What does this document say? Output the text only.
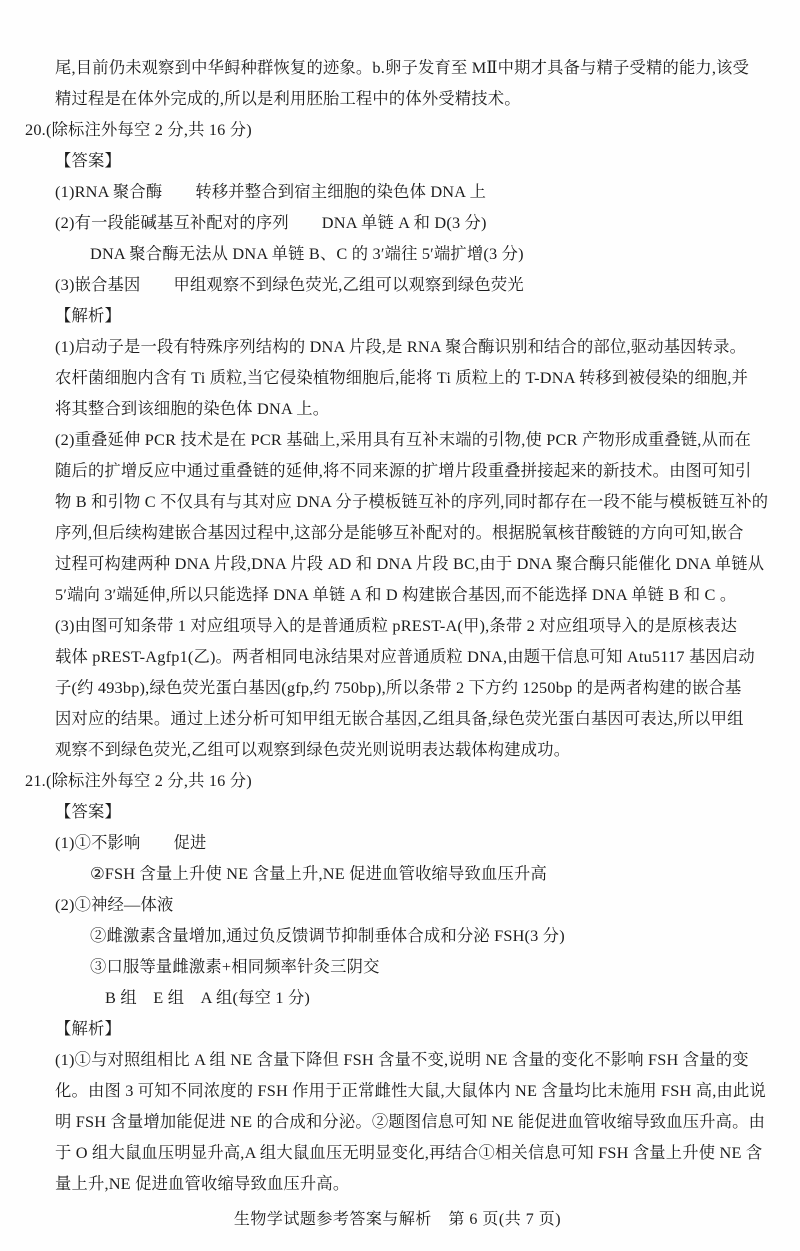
尾,目前仍未观察到中华鲟种群恢复的迹象。b.卵子发育至 MⅡ中期才具备与精子受精的能力,该受
精过程是在体外完成的,所以是利用胚胎工程中的体外受精技术。
20.(除标注外每空 2 分,共 16 分)
【答案】
(1)RNA 聚合酶　　转移并整合到宿主细胞的染色体 DNA 上
(2)有一段能碱基互补配对的序列　　DNA 单链 A 和 D(3 分)
DNA 聚合酶无法从 DNA 单链 B、C 的 3′端往 5′端扩增(3 分)
(3)嵌合基因　　甲组观察不到绿色荧光,乙组可以观察到绿色荧光
【解析】
(1)启动子是一段有特殊序列结构的 DNA 片段,是 RNA 聚合酶识别和结合的部位,驱动基因转录。
农杆菌细胞内含有 Ti 质粒,当它侵染植物细胞后,能将 Ti 质粒上的 T-DNA 转移到被侵染的细胞,并
将其整合到该细胞的染色体 DNA 上。
(2)重叠延伸 PCR 技术是在 PCR 基础上,采用具有互补末端的引物,使 PCR 产物形成重叠链,从而在
随后的扩增反应中通过重叠链的延伸,将不同来源的扩增片段重叠拼接起来的新技术。由图可知引
物 B 和引物 C 不仅具有与其对应 DNA 分子模板链互补的序列,同时都存在一段不能与模板链互补的
序列,但后续构建嵌合基因过程中,这部分是能够互补配对的。根据脱氧核苷酸链的方向可知,嵌合
过程可构建两种 DNA 片段,DNA 片段 AD 和 DNA 片段 BC,由于 DNA 聚合酶只能催化 DNA 单链从
5′端向 3′端延伸,所以只能选择 DNA 单链 A 和 D 构建嵌合基因,而不能选择 DNA 单链 B 和 C 。
(3)由图可知条带 1 对应组项导入的是普通质粒 pREST-A(甲),条带 2 对应组项导入的是原核表达
载体 pREST-Agfp1(乙)。两者相同电泳结果对应普通质粒 DNA,由题干信息可知 Atu5117 基因启动
子(约 493bp),绿色荧光蛋白基因(gfp,约 750bp),所以条带 2 下方约 1250bp 的是两者构建的嵌合基
因对应的结果。通过上述分析可知甲组无嵌合基因,乙组具备,绿色荧光蛋白基因可表达,所以甲组
观察不到绿色荧光,乙组可以观察到绿色荧光则说明表达载体构建成功。
21.(除标注外每空 2 分,共 16 分)
【答案】
(1)①不影响　　促进
②FSH 含量上升使 NE 含量上升,NE 促进血管收缩导致血压升高
(2)①神经—体液
②雌激素含量增加,通过负反馈调节抑制垂体合成和分泌 FSH(3 分)
③口服等量雌激素+相同频率针灸三阴交
B 组　E 组　A 组(每空 1 分)
【解析】
(1)①与对照组相比 A 组 NE 含量下降但 FSH 含量不变,说明 NE 含量的变化不影响 FSH 含量的变
化。由图 3 可知不同浓度的 FSH 作用于正常雌性大鼠,大鼠体内 NE 含量均比未施用 FSH 高,由此说
明 FSH 含量增加能促进 NE 的合成和分泌。②题图信息可知 NE 能促进血管收缩导致血压升高。由
于 O 组大鼠血压明显升高,A 组大鼠血压无明显变化,再结合①相关信息可知 FSH 含量上升使 NE 含
量上升,NE 促进血管收缩导致血压升高。
生物学试题参考答案与解析　第 6 页(共 7 页)
